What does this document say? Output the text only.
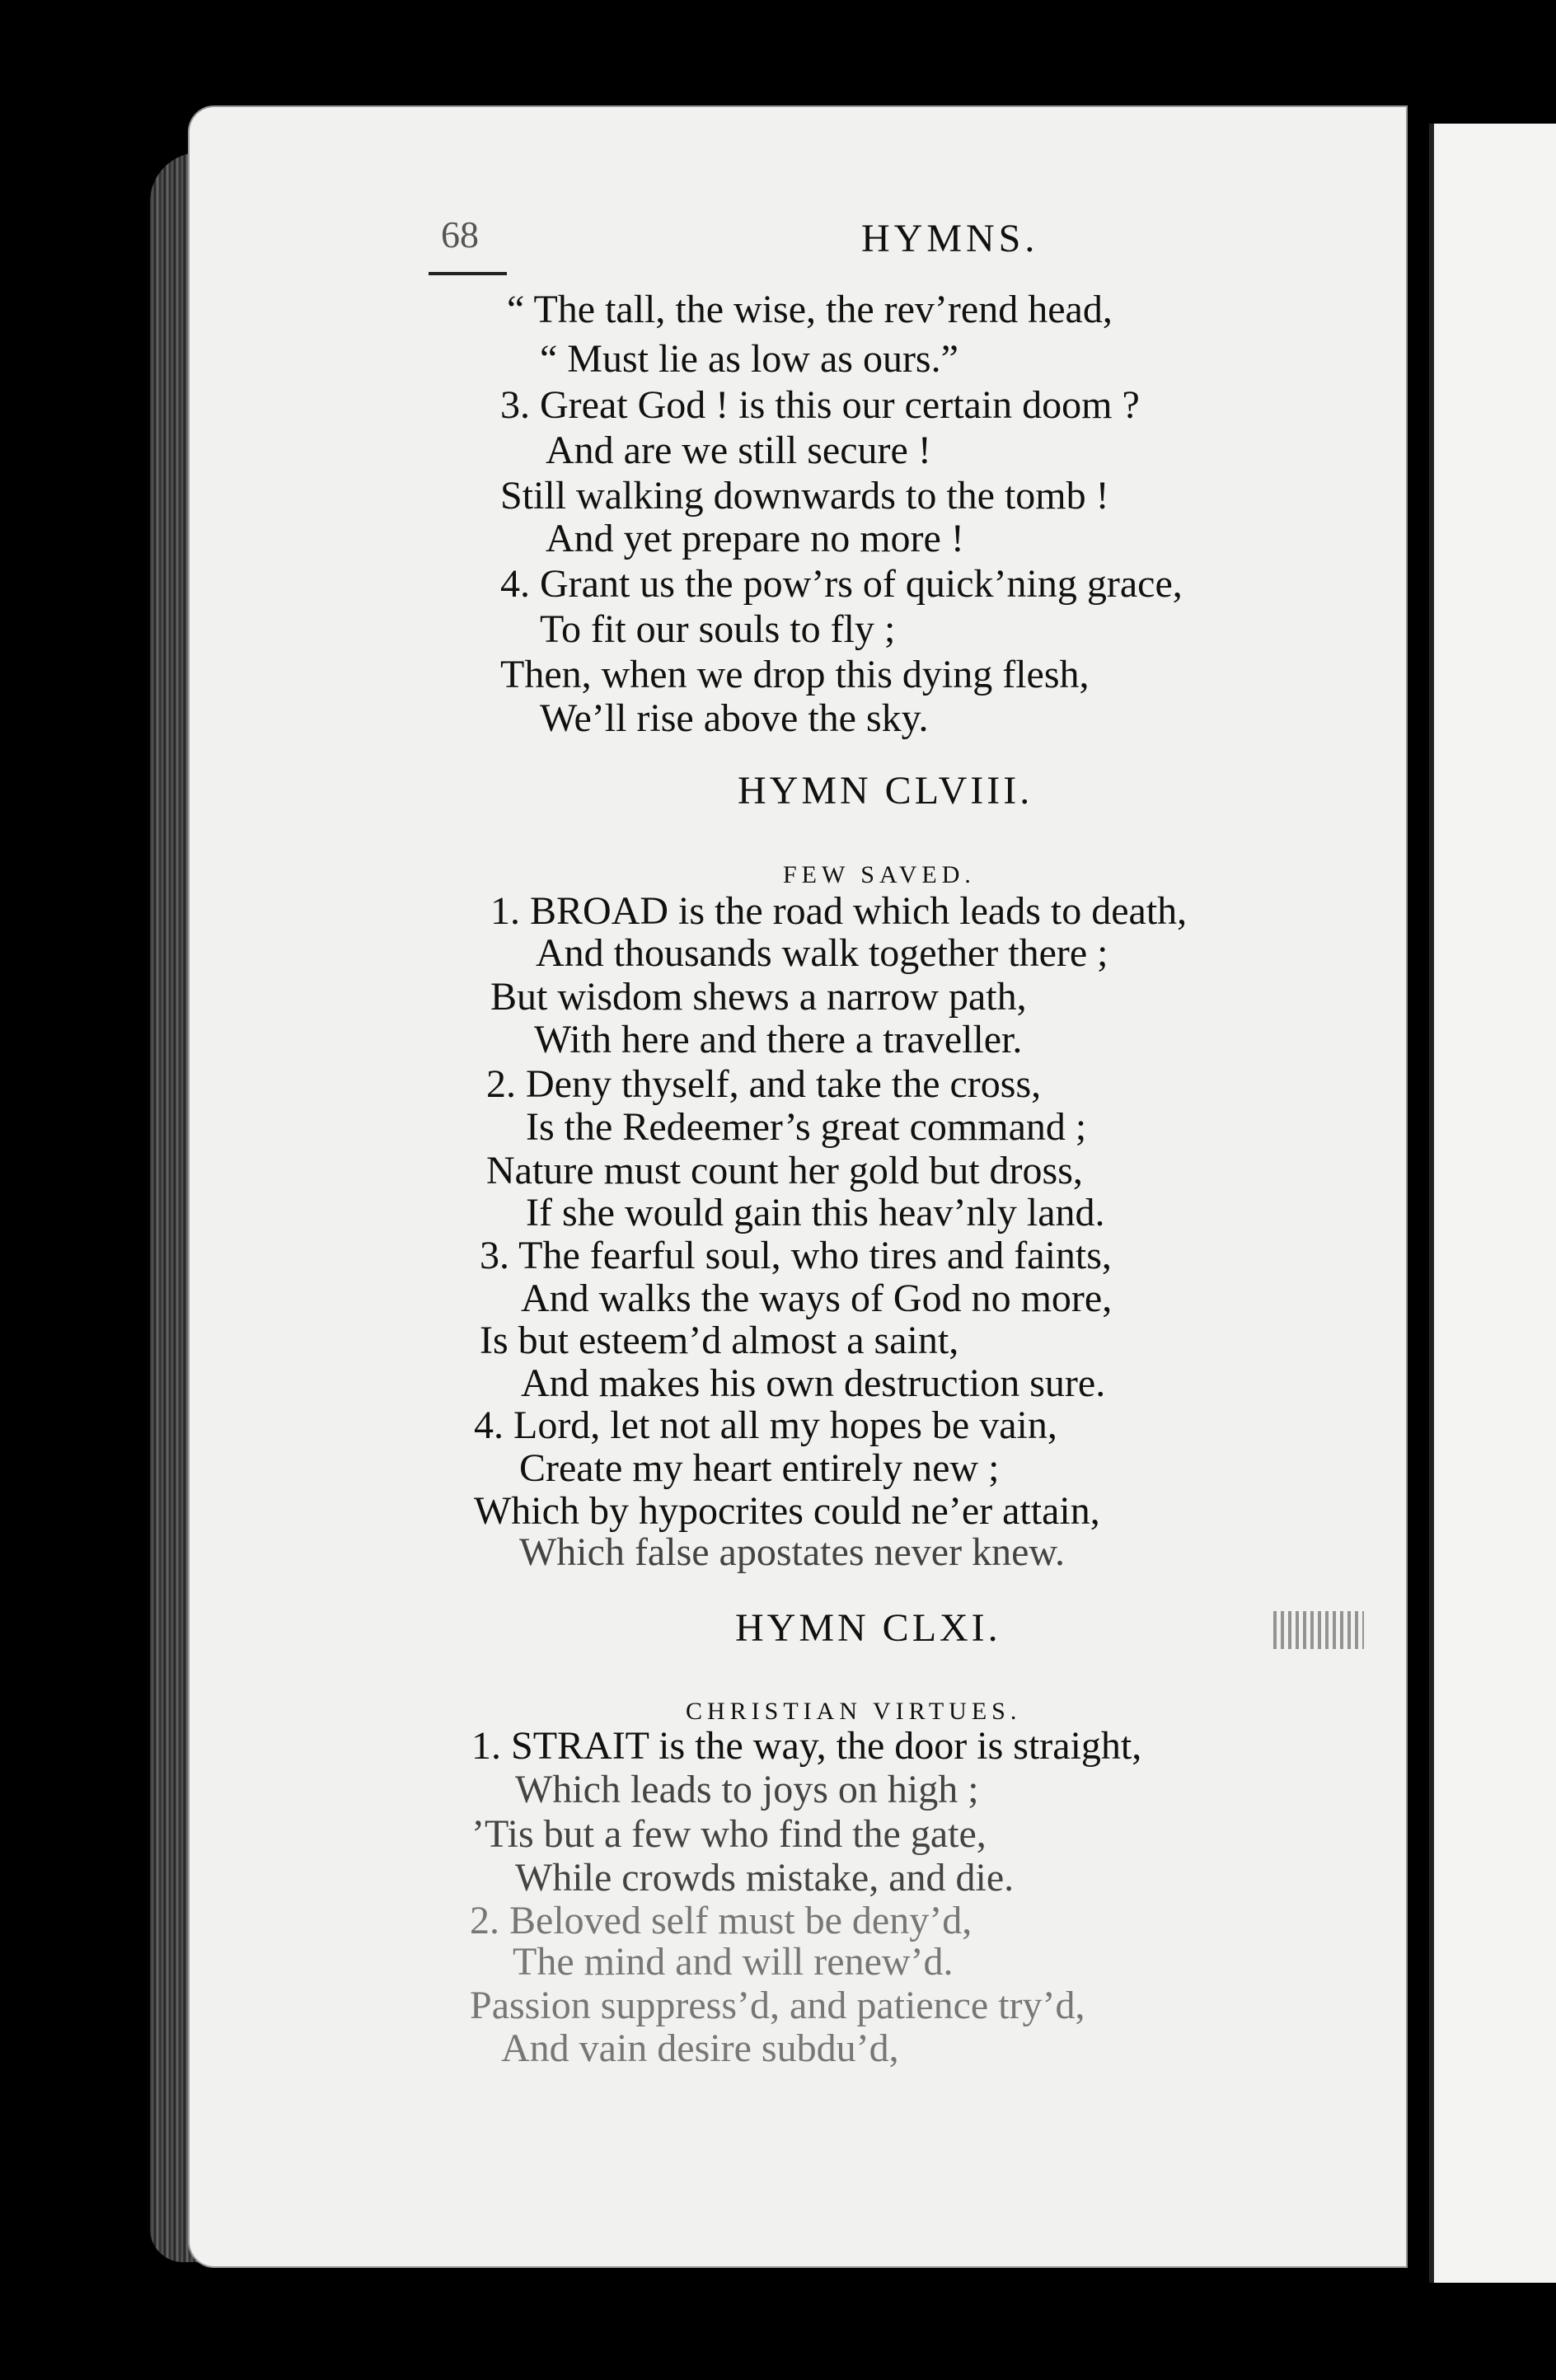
68	HYMNS.
“ The tall, the wise, the rev’rend head,
“ Must lie as low as ours.”
3. Great God ! is this our certain doom ?
And are we still secure !
Still walking downwards to the tomb !
And yet prepare no more !
4. Grant us the pow’rs of quick’ning grace,
To fit our souls to fly ;
Then, when we drop this dying flesh,
We’ll rise above the sky.
HYMN CLVIII.
FEW SAVED.
1. BROAD is the road which leads to death,
And thousands walk together there ;
But wisdom shews a narrow path,
With here and there a traveller.
2. Deny thyself, and take the cross,
Is the Redeemer’s great command ;
Nature must count her gold but dross,
If she would gain this heav’nly land.
3. The fearful soul, who tires and faints,
And walks the ways of God no more,
Is but esteem’d almost a saint,
And makes his own destruction sure.
4. Lord, let not all my hopes be vain,
Create my heart entirely new ;
Which by hypocrites could ne’er attain,
Which false apostates never knew.
HYMN CLXI.
CHRISTIAN VIRTUES.
1. STRAIT is the way, the door is straight,
Which leads to joys on high ;
’Tis but a few who find the gate,
While crowds mistake, and die.
2. Beloved self must be deny’d,
The mind and will renew’d.
Passion suppress’d, and patience try’d,
And vain desire subdu’d,
